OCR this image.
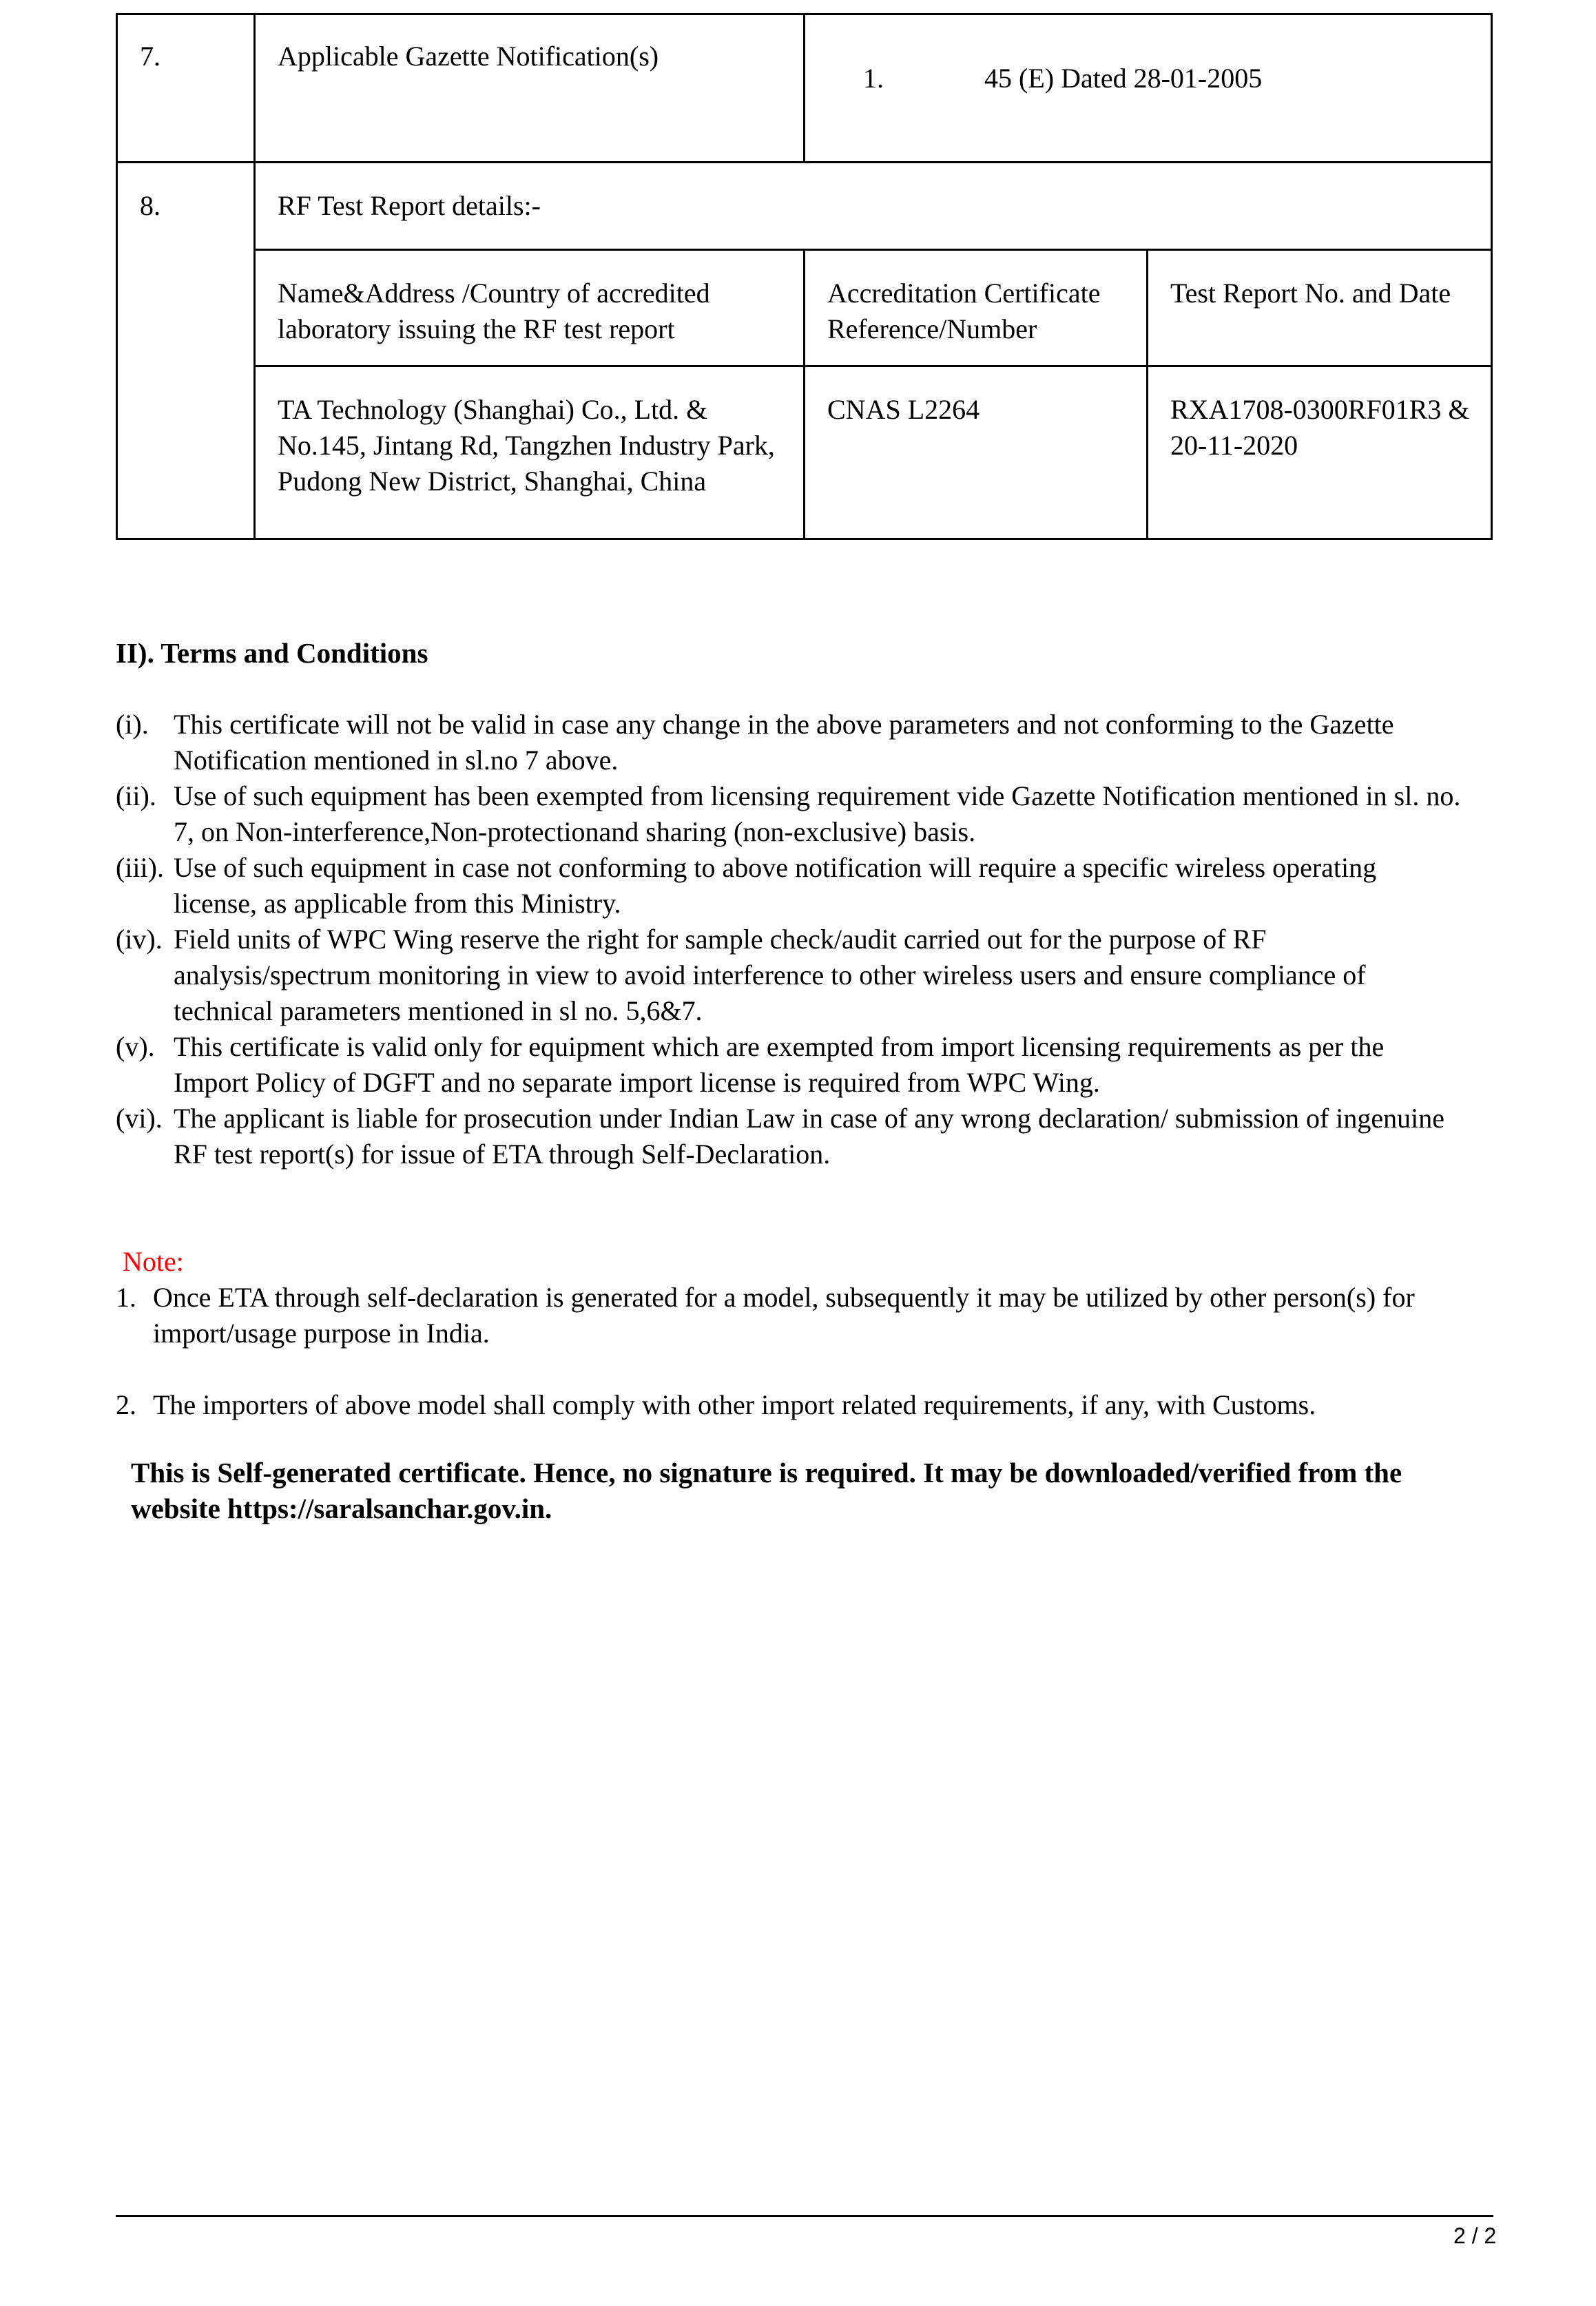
7.	Applicable Gazette Notification(s)	1. 45 (E) Dated 28-01-2005	
8.	RF Test Report details:-		
	Name&Address /Country of accredited laboratory issuing the RF test report	Accreditation Certificate Reference/Number	Test Report No. and Date
	TA Technology (Shanghai) Co., Ltd. & No.145, Jintang Rd, Tangzhen Industry Park, Pudong New District, Shanghai, China	CNAS L2264	RXA1708-0300RF01R3 & 20-11-2020
II). Terms and Conditions

(i). This certificate will not be valid in case any change in the above parameters and not conforming to the Gazette Notification mentioned in sl.no 7 above.

(ii). Use of such equipment has been exempted from licensing requirement vide Gazette Notification mentioned in sl. no. 7, on Non-interference,Non-protectionand sharing (non-exclusive) basis.

(iii). Use of such equipment in case not conforming to above notification will require a specific wireless operating license, as applicable from this Ministry.

(iv). Field units of WPC Wing reserve the right for sample check/audit carried out for the purpose of RF analysis/spectrum monitoring in view to avoid interference to other wireless users and ensure compliance of technical parameters mentioned in sl no. 5,6&7.

(v). This certificate is valid only for equipment which are exempted from import licensing requirements as per the Import Policy of DGFT and no separate import license is required from WPC Wing.

(vi). The applicant is liable for prosecution under Indian Law in case of any wrong declaration/ submission of ingenuine RF test report(s) for issue of ETA through Self-Declaration.

Note:

1. Once ETA through self-declaration is generated for a model, subsequently it may be utilized by other person(s) for import/usage purpose in India.

2. The importers of above model shall comply with other import related requirements, if any, with Customs.

This is Self-generated certificate. Hence, no signature is required. It may be downloaded/verified from the website https://saralsanchar.gov.in.
2 / 2
